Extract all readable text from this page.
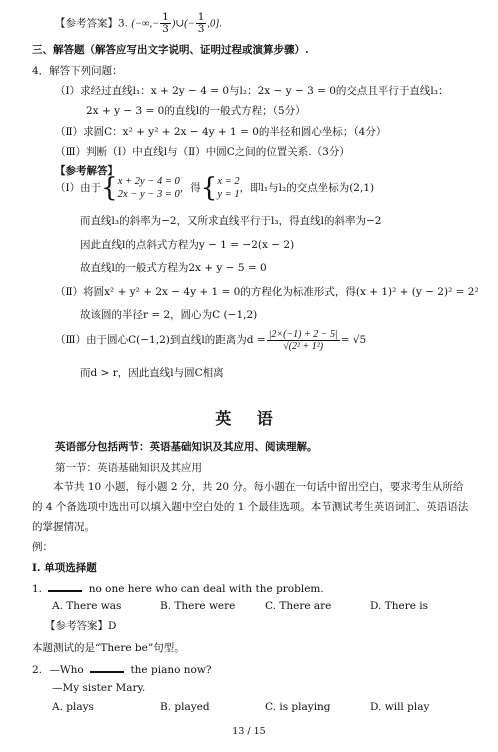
【参考答案】3. (−∞,− $\frac{1}{3}$ )∪(− $\frac{1}{3} ,0$].
三、解答题（解答应写出文字说明、证明过程或演算步骤）.
4．解答下列问题：
（Ⅰ）求经过直线l₁：x + 2y − 4 = 0与l₂：2x − y − 3 = 0的交点且平行于直线l₃：
2x + y − 3 = 0的直线l的一般式方程；（5分）
（Ⅱ）求圆C：x² + y² + 2x − 4y + 1 = 0的半径和圆心坐标；（4分）
（Ⅲ）判断（Ⅰ）中直线l与（Ⅱ）中圆C之间的位置关系.（3分）
【参考解答】
（Ⅰ）由于{ x + 2y − 4 = 0
2x − y − 3 = 0
，得{ x = 2
y = 1
，即l₁与l₂的交点坐标为(2,1)
而直线l₃的斜率为−2，又所求直线平行于l₃，得直线l的斜率为−2
因此直线l的点斜式方程为y − 1 = −2(x − 2)
故直线l的一般式方程为2x + y − 5 = 0
（Ⅱ）将圆x² + y² + 2x − 4y + 1 = 0的方程化为标准形式，得(x + 1)² + (y − 2)² = 2²
故该圆的半径r = 2，圆心为C (−1,2)
（Ⅲ）由于圆心C(−1,2)到直线l的距离为$d = \frac{|2\times(-1) + 2 - 5|}{\text{√(2² + 1²)}} = √5$
而d > r，因此直线l与圆C相离
英 语
英语部分包括两节：英语基础知识及其应用、阅读理解。
第一节：英语基础知识及其应用
本节共 10 小题，每小题 2 分，共 20 分。每小题在一句话中留出空白，要求考生从所给的 4 个备选项中选出可以填入题中空白处的 1 个最佳选项。本节测试考生英语词汇、英语语法的掌握情况。
例：
I. 单项选择题
1.	no one here who can deal with the problem.
A. There was	B. There were	C. There are	D. There is
【参考答案】D
本题测试的是“There be”句型。
2. —Who	the piano now?
—My sister Mary.
A. plays	B. played	C. is playing	D. will play
13 / 15
